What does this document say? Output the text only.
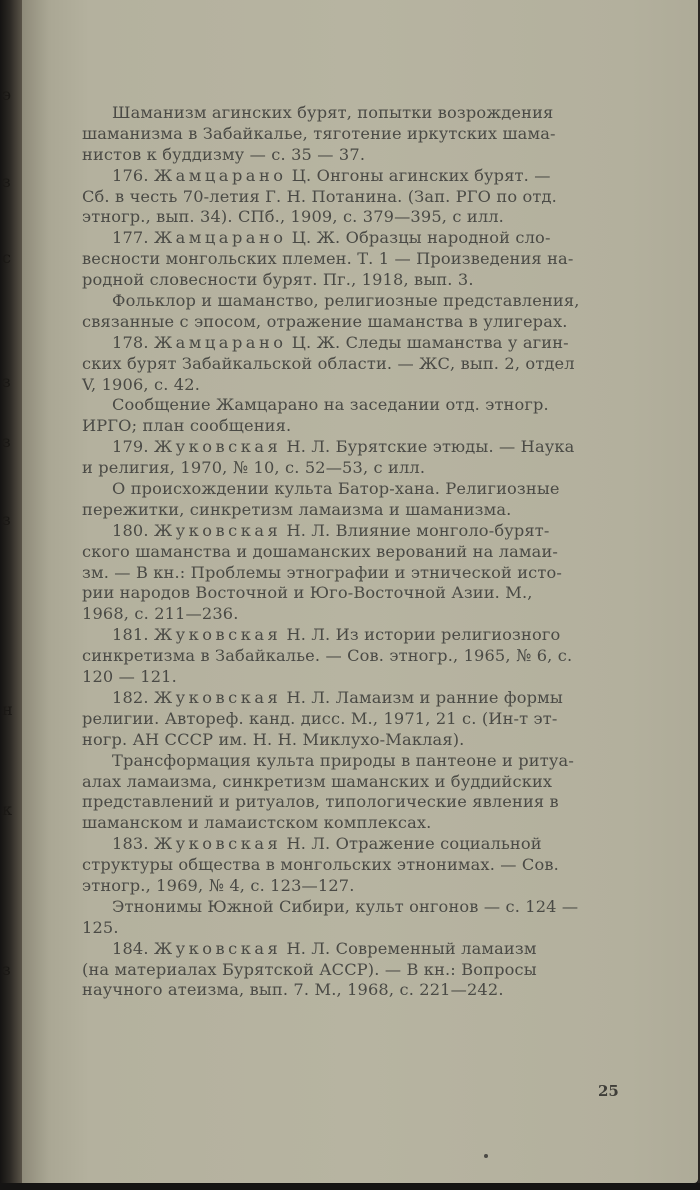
э
з
с
з
з
з
н
к
з
Шаманизм агинских бурят, попытки возрождения
шаманизма в Забайкалье, тяготение иркутских шама-
нистов к буддизму — с. 35 — 37.
176. Жамцарано Ц. Онгоны агинских бурят. —
Сб. в честь 70-летия Г. Н. Потанина. (Зап. РГО по отд.
этногр., вып. 34). СПб., 1909, с. 379—395, с илл.
177. Жамцарано Ц. Ж. Образцы народной сло-
весности монгольских племен. Т. 1 — Произведения на-
родной словесности бурят. Пг., 1918, вып. 3.
Фольклор и шаманство, религиозные представления,
связанные с эпосом, отражение шаманства в улигерах.
178. Жамцарано Ц. Ж. Следы шаманства у агин-
ских бурят Забайкальской области. — ЖС, вып. 2, отдел
V, 1906, с. 42.
Сообщение Жамцарано на заседании отд. этногр.
ИРГО; план сообщения.
179. Жуковская Н. Л. Бурятские этюды. — Наука
и религия, 1970, № 10, с. 52—53, с илл.
О происхождении культа Батор-хана. Религиозные
пережитки, синкретизм ламаизма и шаманизма.
180. Жуковская Н. Л. Влияние монголо-бурят-
ского шаманства и дошаманских верований на ламаи-
зм. — В кн.: Проблемы этнографии и этнической исто-
рии народов Восточной и Юго-Восточной Азии. М.,
1968, с. 211—236.
181. Жуковская Н. Л. Из истории религиозного
синкретизма в Забайкалье. — Сов. этногр., 1965, № 6, с.
120 — 121.
182. Жуковская Н. Л. Ламаизм и ранние формы
религии. Автореф. канд. дисс. М., 1971, 21 с. (Ин-т эт-
ногр. АН СССР им. Н. Н. Миклухо-Маклая).
Трансформация культа природы в пантеоне и ритуа-
алах ламаизма, синкретизм шаманских и буддийских
представлений и ритуалов, типологические явления в
шаманском и ламаистском комплексах.
183. Жуковская Н. Л. Отражение социальной
структуры общества в монгольских этнонимах. — Сов.
этногр., 1969, № 4, с. 123—127.
Этнонимы Южной Сибири, культ онгонов — с. 124 —
125.
184. Жуковская Н. Л. Современный ламаизм
(на материалах Бурятской АССР). — В кн.: Вопросы
научного атеизма, вып. 7. М., 1968, с. 221—242.
25
